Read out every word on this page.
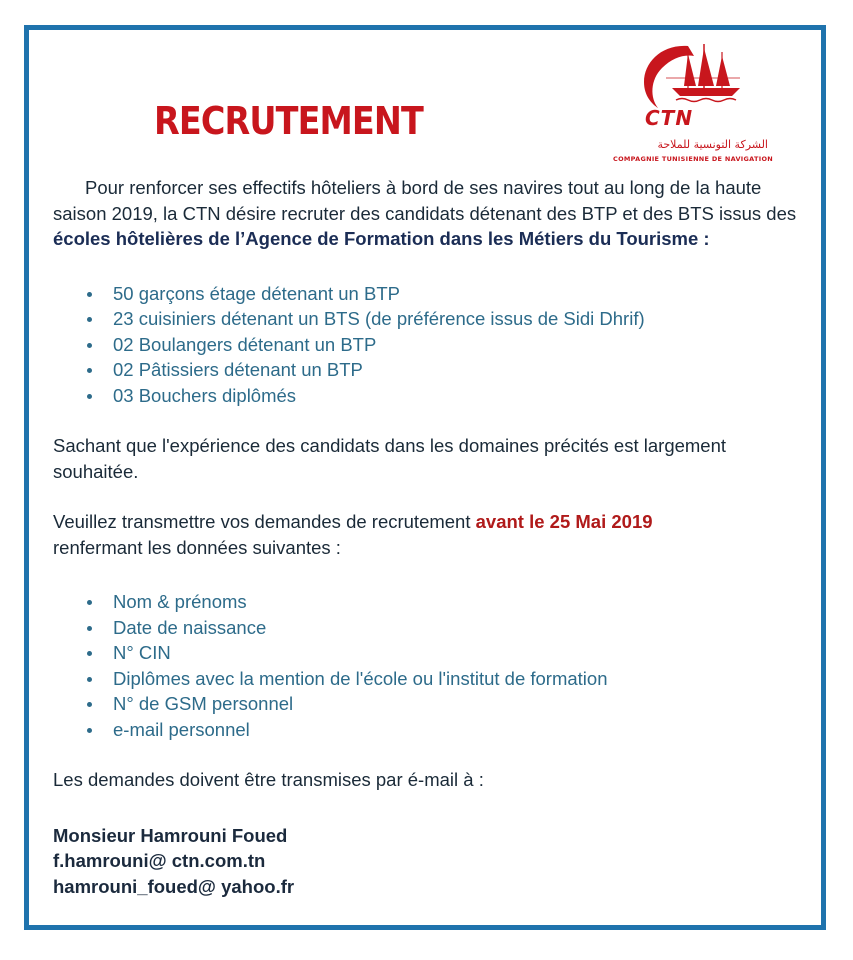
RECRUTEMENT	CTN
الشركة التونسية للملاحة
COMPAGNIE TUNISIENNE DE NAVIGATION

Pour renforcer ses effectifs hôteliers à bord de ses navires tout au long de la haute saison 2019, la CTN désire recruter des candidats détenant des BTP et des BTS issus des écoles hôtelières de l’Agence de Formation dans les Métiers du Tourisme :

50 garçons étage détenant un BTP
23 cuisiniers détenant un BTS (de préférence issus de Sidi Dhrif)
02 Boulangers détenant un BTP
02 Pâtissiers détenant un BTP
03 Bouchers diplômés

Sachant que l'expérience des candidats dans les domaines précités est largement souhaitée.

Veuillez transmettre vos demandes de recrutement avant le 25 Mai 2019
renfermant les données suivantes :

Nom & prénoms
Date de naissance
N° CIN
Diplômes avec la mention de l'école ou l'institut de formation
N° de GSM personnel
e-mail personnel

Les demandes doivent être transmises par é-mail à :

Monsieur Hamrouni Foued
f.hamrouni@ ctn.com.tn
hamrouni_foued@ yahoo.fr
